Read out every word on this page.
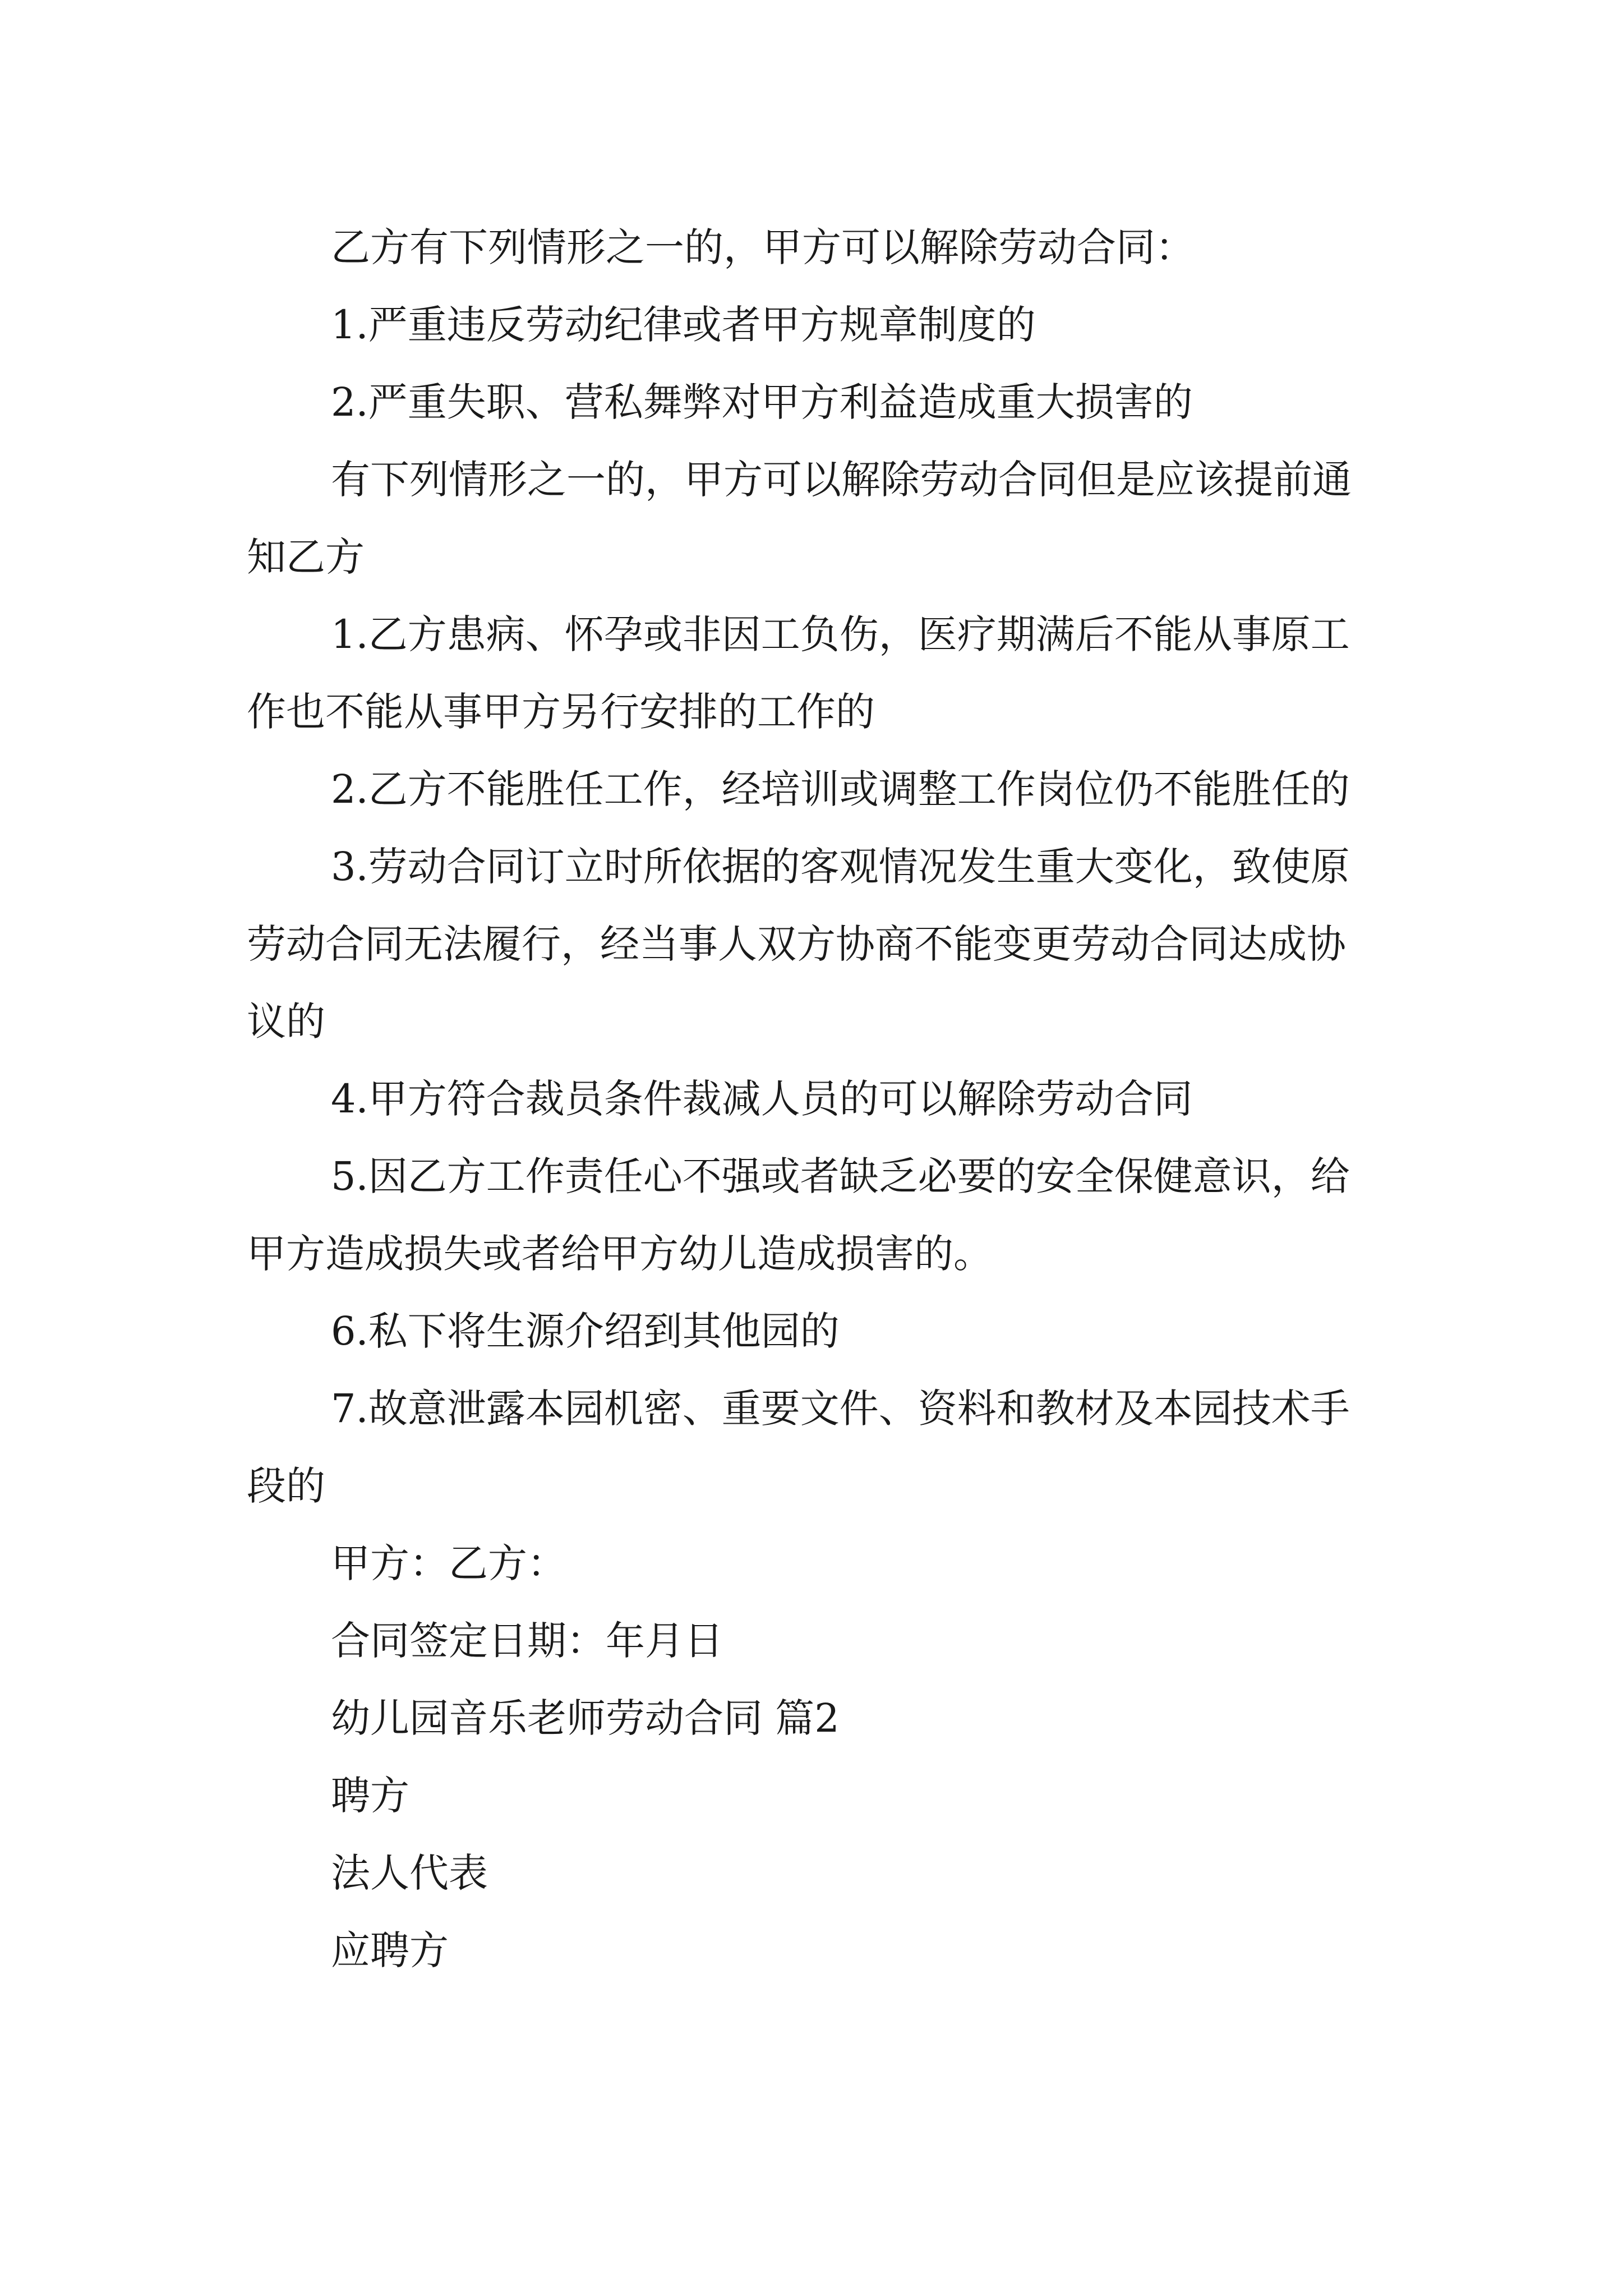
乙方有下列情形之一的，甲方可以解除劳动合同：

1.严重违反劳动纪律或者甲方规章制度的

2.严重失职、营私舞弊对甲方利益造成重大损害的

有下列情形之一的，甲方可以解除劳动合同但是应该提前通知乙方

1.乙方患病、怀孕或非因工负伤，医疗期满后不能从事原工作也不能从事甲方另行安排的工作的

2.乙方不能胜任工作，经培训或调整工作岗位仍不能胜任的

3.劳动合同订立时所依据的客观情况发生重大变化，致使原劳动合同无法履行，经当事人双方协商不能变更劳动合同达成协议的

4.甲方符合裁员条件裁减人员的可以解除劳动合同

5.因乙方工作责任心不强或者缺乏必要的安全保健意识，给甲方造成损失或者给甲方幼儿造成损害的。

6.私下将生源介绍到其他园的

7.故意泄露本园机密、重要文件、资料和教材及本园技术手段的

甲方：乙方：

合同签定日期：年月日

幼儿园音乐老师劳动合同 篇2

聘方

法人代表

应聘方
